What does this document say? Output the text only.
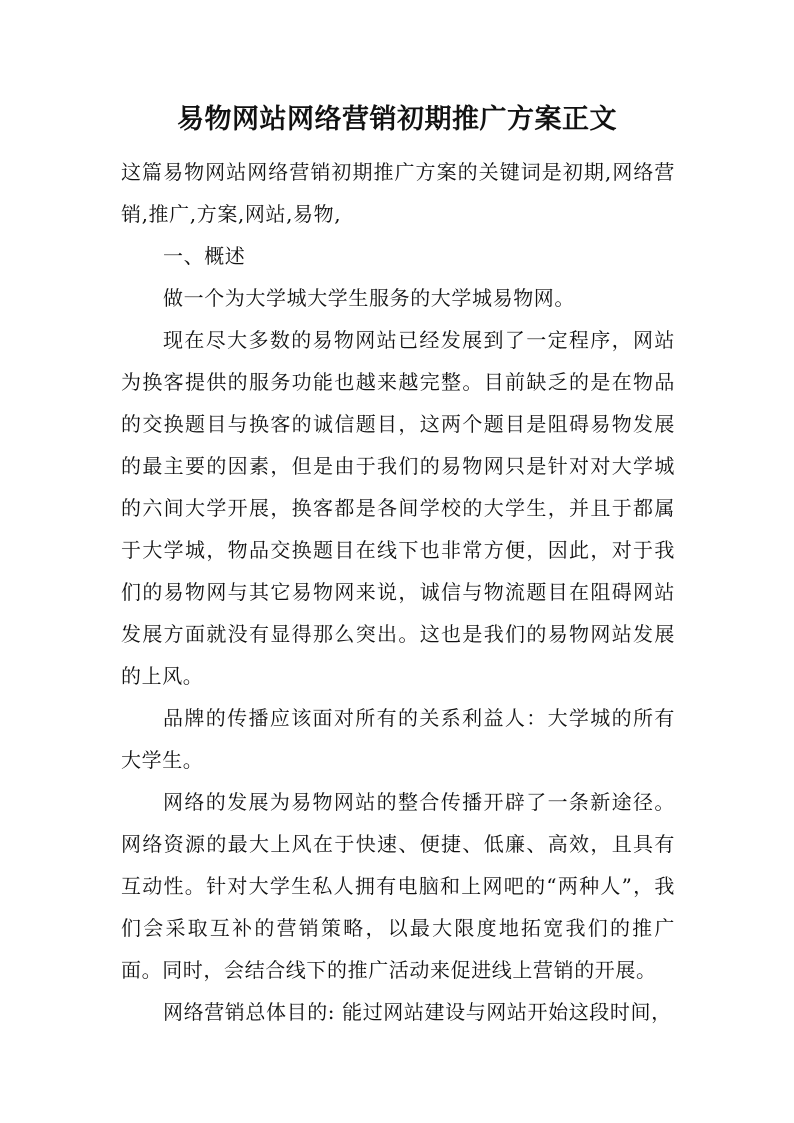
易物网站网络营销初期推广方案正文

这篇易物网站网络营销初期推广方案的关键词是初期,网络营销,推广,方案,网站,易物,

一、概述

做一个为大学城大学生服务的大学城易物网。

现在尽大多数的易物网站已经发展到了一定程序，网站为换客提供的服务功能也越来越完整。目前缺乏的是在物品的交换题目与换客的诚信题目，这两个题目是阻碍易物发展的最主要的因素，但是由于我们的易物网只是针对对大学城的六间大学开展，换客都是各间学校的大学生，并且于都属于大学城，物品交换题目在线下也非常方便，因此，对于我们的易物网与其它易物网来说，诚信与物流题目在阻碍网站发展方面就没有显得那么突出。这也是我们的易物网站发展的上风。

品牌的传播应该面对所有的关系利益人：大学城的所有大学生。

网络的发展为易物网站的整合传播开辟了一条新途径。网络资源的最大上风在于快速、便捷、低廉、高效，且具有互动性。针对大学生私人拥有电脑和上网吧的“两种人”，我们会采取互补的营销策略，以最大限度地拓宽我们的推广面。同时，会结合线下的推广活动来促进线上营销的开展。

网络营销总体目的: 能过网站建设与网站开始这段时间，
